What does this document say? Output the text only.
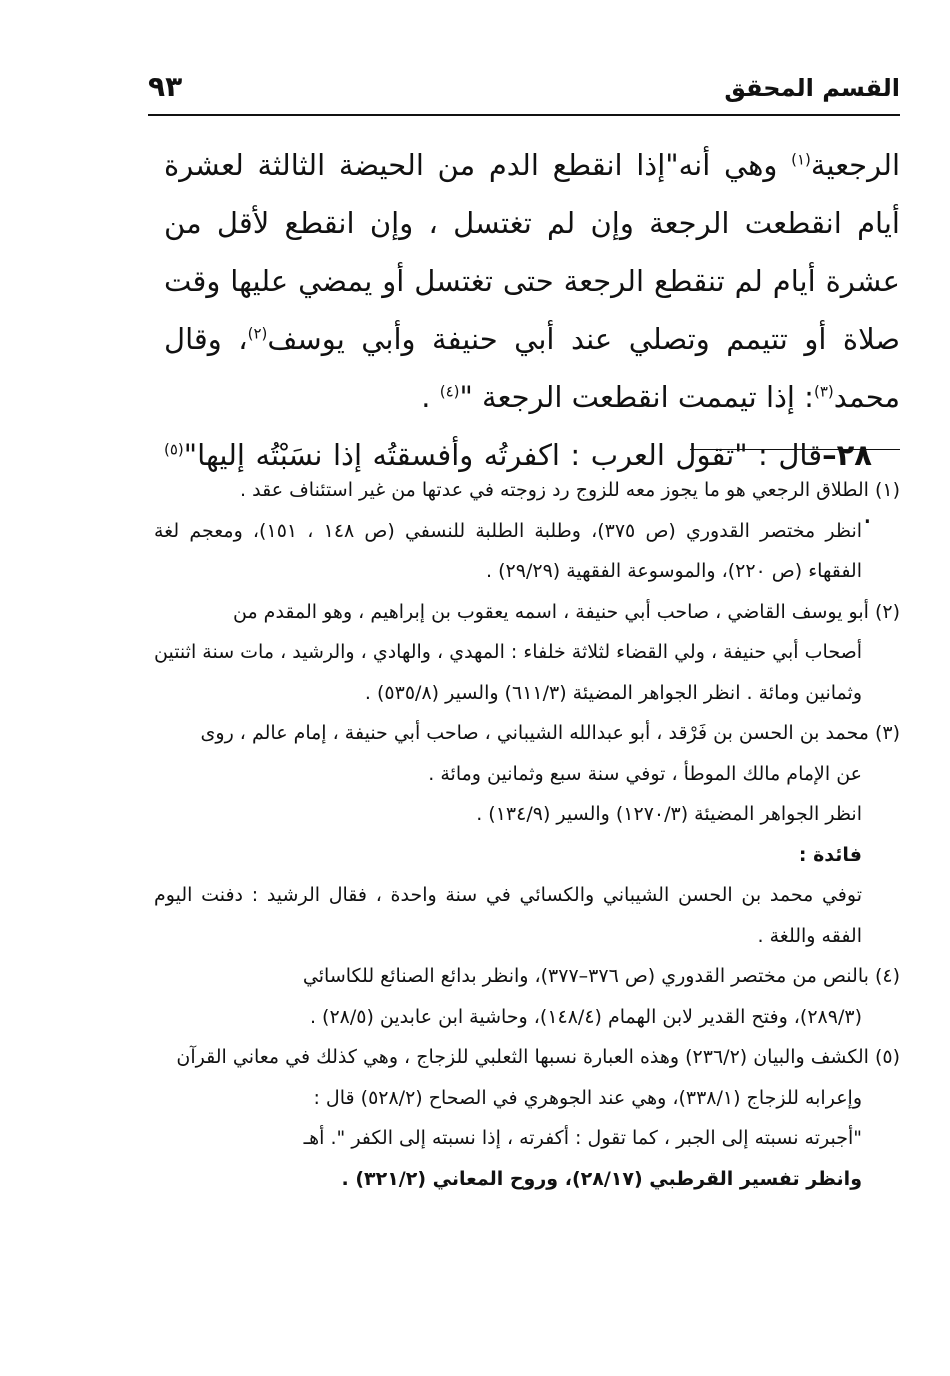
٩٣	القسم المحقق

الرجعية$^{(١)}$ وهي أنه"إذا انقطع الدم من الحيضة الثالثة لعشرة أيام انقطعت الرجعة وإن لم تغتسل ، وإن انقطع لأقل من عشرة أيام لم تنقطع الرجعة حتى تغتسل أو يمضي عليها وقت صلاة أو تتيمم وتصلي عند أبي حنيفة وأبي يوسف$^{(٢)}$، وقال محمد$^{(٣)}$: إذا تيممت انقطعت الرجعة "$^{(٤)}$ .

٢٨–قال : "تقول العرب : اكفرتُه وأفسقتُه إذا نسَبْتُه إليها"$^{(٥)}$ .

(١) الطلاق الرجعي هو ما يجوز معه للزوج رد زوجته في عدتها من غير استئناف عقد .

انظر مختصر القدوري (ص ٣٧٥)، وطلبة الطلبة للنسفي (ص ١٤٨ ، ١٥١)، ومعجم لغة الفقهاء (ص ٢٢٠)، والموسوعة الفقهية (٢٩/٢٩) .

(٢) أبو يوسف القاضي ، صاحب أبي حنيفة ، اسمه يعقوب بن إبراهيم ، وهو المقدم من

أصحاب أبي حنيفة ، ولي القضاء لثلاثة خلفاء : المهدي ، والهادي ، والرشيد ، مات سنة اثنتين وثمانين ومائة . انظر الجواهر المضيئة (٦١١/٣) والسير (٥٣٥/٨) .

(٣) محمد بن الحسن بن فَرْقد ، أبو عبدالله الشيباني ، صاحب أبي حنيفة ، إمام عالم ، روى

عن الإمام مالك الموطأ ، توفي سنة سبع وثمانين ومائة .

انظر الجواهر المضيئة (١٢٧٠/٣) والسير (١٣٤/٩) .

فائدة :

توفي محمد بن الحسن الشيباني والكسائي في سنة واحدة ، فقال الرشيد : دفنت اليوم الفقه واللغة .

(٤) بالنص من مختصر القدوري (ص ٣٧٦–٣٧٧)، وانظر بدائع الصنائع للكاسائي

(٢٨٩/٣)، وفتح القدير لابن الهمام (١٤٨/٤)، وحاشية ابن عابدين (٢٨/٥) .

(٥) الكشف والبيان (٢٣٦/٢) وهذه العبارة نسبها الثعلبي للزجاج ، وهي كذلك في معاني القرآن

وإعرابه للزجاج (٣٣٨/١)، وهي عند الجوهري في الصحاح (٥٢٨/٢) قال :

"أجبرته نسبته إلى الجبر ، كما تقول : أكفرته ، إذا نسبته إلى الكفر ". أهـ

وانظر تفسير القرطبي (٢٨/١٧)، وروح المعاني (٣٢١/٢) .
